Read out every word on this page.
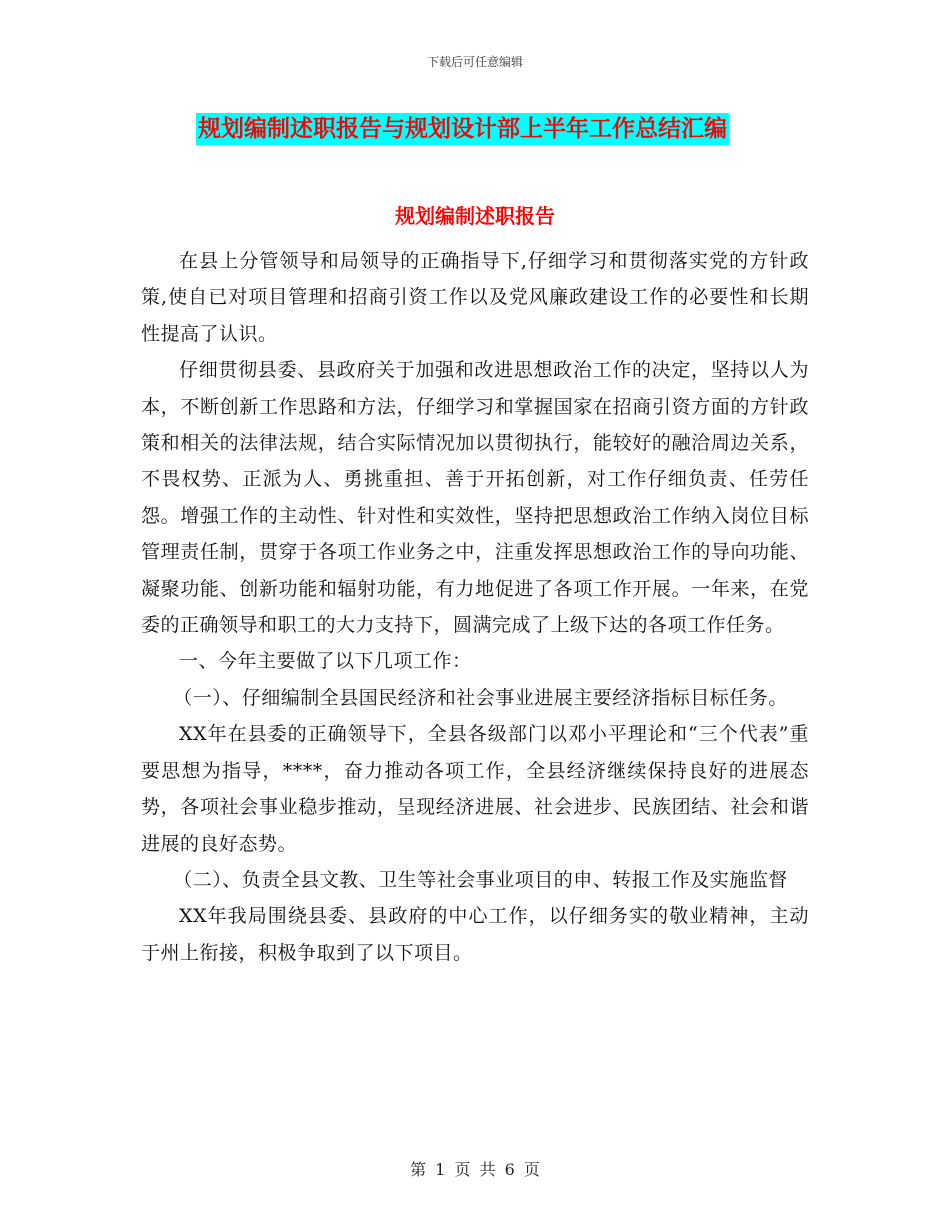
下载后可任意编辑
规划编制述职报告与规划设计部上半年工作总结汇编
规划编制述职报告

在县上分管领导和局领导的正确指导下,仔细学习和贯彻落实党的方针政策,使自已对项目管理和招商引资工作以及党风廉政建设工作的必要性和长期性提高了认识。

仔细贯彻县委、县政府关于加强和改进思想政治工作的决定，坚持以人为本，不断创新工作思路和方法，仔细学习和掌握国家在招商引资方面的方针政策和相关的法律法规，结合实际情况加以贯彻执行，能较好的融洽周边关系，不畏权势、正派为人、勇挑重担、善于开拓创新，对工作仔细负责、任劳任怨。增强工作的主动性、针对性和实效性，坚持把思想政治工作纳入岗位目标管理责任制，贯穿于各项工作业务之中，注重发挥思想政治工作的导向功能、凝聚功能、创新功能和辐射功能，有力地促进了各项工作开展。一年来，在党委的正确领导和职工的大力支持下，圆满完成了上级下达的各项工作任务。

一、今年主要做了以下几项工作：

（一）、仔细编制全县国民经济和社会事业进展主要经济指标目标任务。

XX年在县委的正确领导下，全县各级部门以邓小平理论和“三个代表”重要思想为指导，****，奋力推动各项工作，全县经济继续保持良好的进展态势，各项社会事业稳步推动，呈现经济进展、社会进步、民族团结、社会和谐进展的良好态势。

（二）、负责全县文教、卫生等社会事业项目的申、转报工作及实施监督

XX年我局围绕县委、县政府的中心工作，以仔细务实的敬业精神，主动于州上衔接，积极争取到了以下项目。

第 1 页 共 6 页
